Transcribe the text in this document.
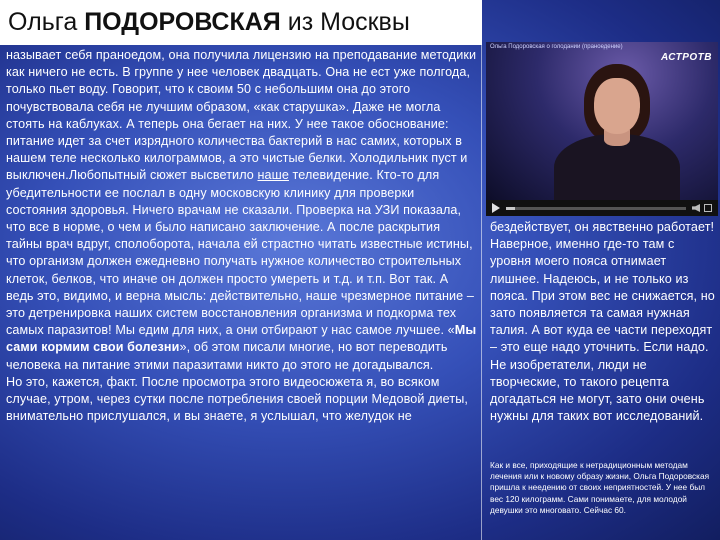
Ольга ПОДОРОВСКАЯ из Москвы

называет себя праноедом, она получила лицензию на преподавание методики как ничего не есть. В группе у нее человек двадцать. Она не ест уже полгода, только пьет воду. Говорит, что к своим 50 с небольшим она до этого почувствовала себя не лучшим образом, «как старушка». Даже не могла стоять на каблуках. А теперь она бегает на них. У нее такое обоснование: питание идет за счет изрядного количества бактерий в нас самих, которых в нашем теле несколько килограммов, а это чистые белки. Холодильник пуст и выключен.Любопытный сюжет высветило наше телевидение. Кто-то для убедительности ее послал в одну московскую клинику для проверки состояния здоровья. Ничего врачам не сказали. Проверка на УЗИ показала, что все в норме, о чем и было написано заключение. А после раскрытия тайны врач вдруг, сполоборота, начала ей страстно читать известные истины, что организм должен ежедневно получать нужное количество строительных клеток, белков, что иначе он должен просто умереть и т.д. и т.п. Вот так. А ведь это, видимо, и верна мысль: действительно, наше чрезмерное питание – это детренировка наших систем восстановления организма и подкорма тех самых паразитов! Мы едим для них, а они отбирают у нас самое лучшее. «Мы сами кормим свои болезни», об этом писали многие, но вот переводить человека на питание этими паразитами никто до этого не догадывался.

Но это, кажется, факт. После просмотра этого видеосюжета я, во всяком случае, утром, через сутки после потребления своей порции Медовой диеты, внимательно прислушался, и вы знаете, я услышал, что желудок не

Ольга Подоровская о голодании (праноедение)
АСТРОТВ

бездействует, он явственно работает! Наверное, именно где-то там с уровня моего пояса отнимает лишнее. Надеюсь, и не только из пояса. При этом вес не снижается, но зато появляется та самая нужная талия. А вот куда ее части переходят – это еще надо уточнить. Если надо. Не изобретатели, люди не творческие, то такого рецепта догадаться не могут, зато они очень нужны для таких вот исследований.

Как и все, приходящие к нетрадиционным методам лечения или к новому образу жизни, Ольга Подоровская пришла к неедению от своих неприятностей. У нее был вес 120 килограмм. Сами понимаете, для молодой девушки это многовато. Сейчас 60.
